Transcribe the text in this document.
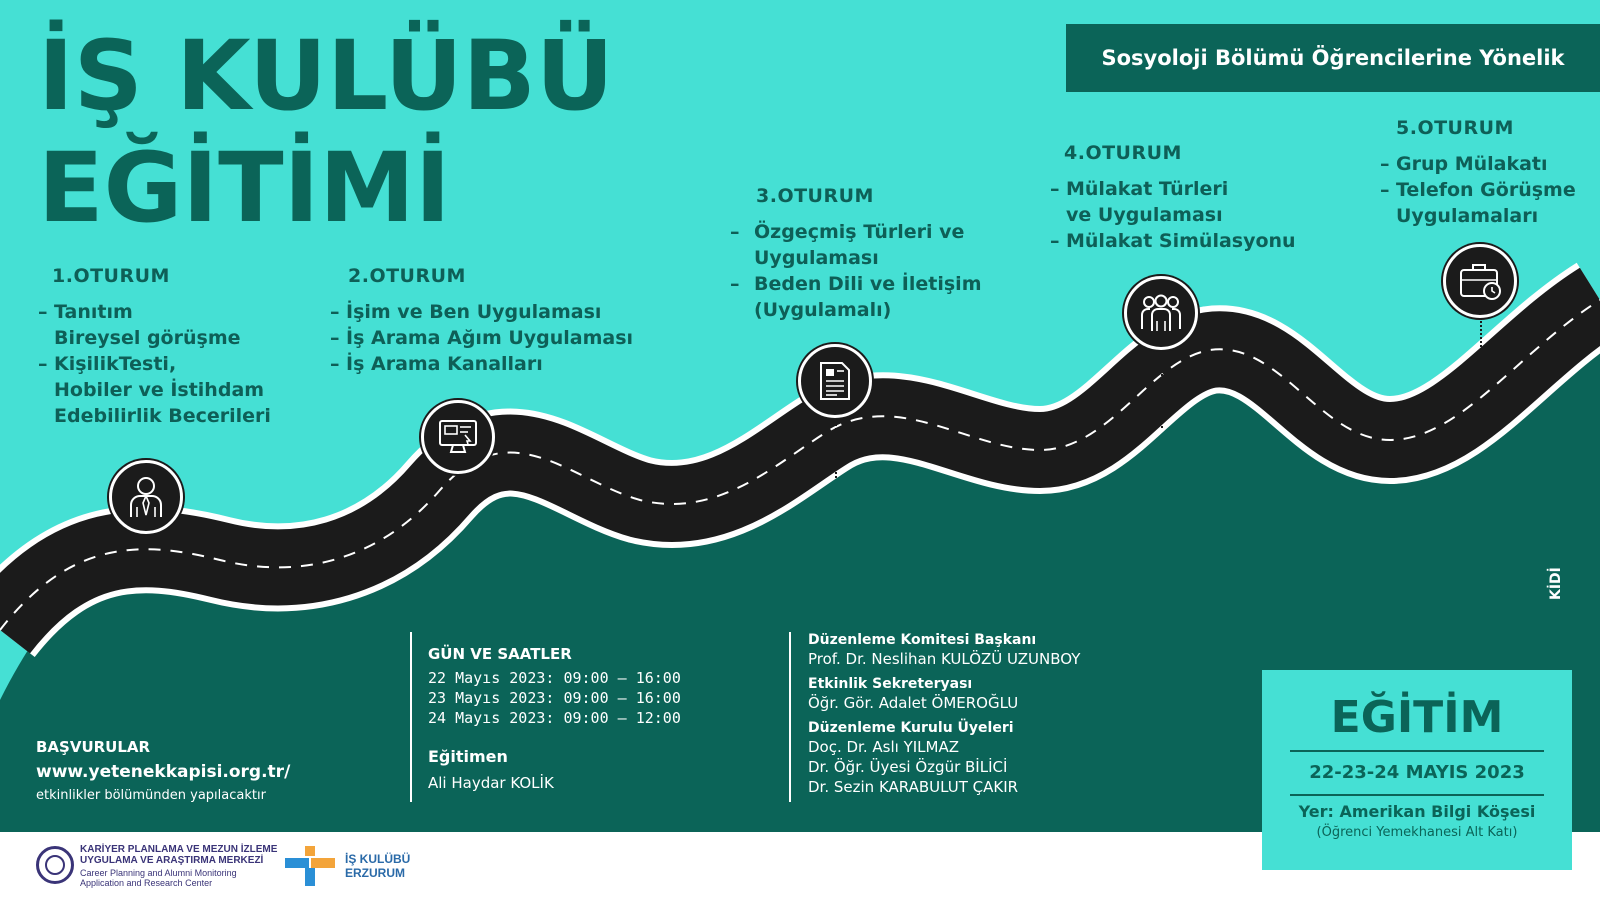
İŞ KULÜBÜ
EĞİTİMİ
Sosyoloji Bölümü Öğrencilerine Yönelik
1.OTURUM
– Tanıtım
Bireysel görüşme
– KişilikTesti,
Hobiler ve İstihdam
Edebilirlik Becerileri
2.OTURUM
– İşim ve Ben Uygulaması
– İş Arama Ağım Uygulaması
– İş Arama Kanalları
3.OTURUM
– Özgeçmiş Türleri ve
Uygulaması
– Beden Dili ve İletişim
(Uygulamalı)
4.OTURUM
– Mülakat Türleri
ve Uygulaması
– Mülakat Simülasyonu
5.OTURUM
– Grup Mülakatı
– Telefon Görüşme
Uygulamaları
BAŞVURULAR
www.yetenekkapisi.org.tr/
etkinlikler bölümünden yapılacaktır
GÜN VE SAATLER
22 Mayıs 2023: 09:00 – 16:00
23 Mayıs 2023: 09:00 – 16:00
24 Mayıs 2023: 09:00 – 12:00
Eğitimen
Ali Haydar KOLİK
Düzenleme Komitesi Başkanı
Prof. Dr. Neslihan KULÖZÜ UZUNBOY
Etkinlik Sekreteryası
Öğr. Gör. Adalet ÖMEROĞLU
Düzenleme Kurulu Üyeleri
Doç. Dr. Aslı YILMAZ
Dr. Öğr. Üyesi Özgür BİLİCİ
Dr. Sezin KARABULUT ÇAKIR
KİDİ
KARİYER PLANLAMA VE MEZUN İZLEME
UYGULAMA VE ARAŞTIRMA MERKEZİ
Career Planning and Alumni Monitoring
Application and Research Center
İŞ KULÜBÜ
ERZURUM
EĞİTİM
22-23-24 MAYIS 2023
Yer: Amerikan Bilgi Köşesi
(Öğrenci Yemekhanesi Alt Katı)
